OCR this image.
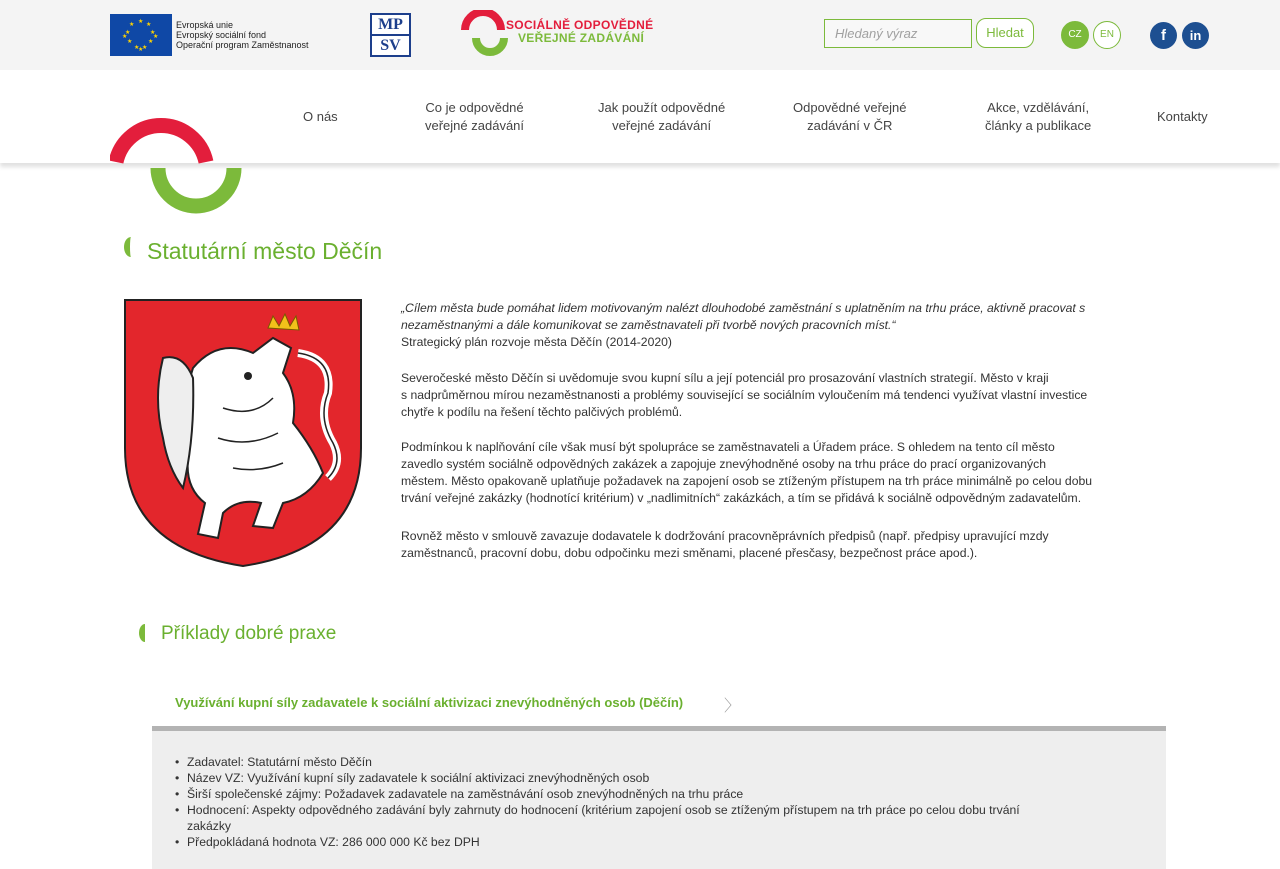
★ ★
★
★
★
★
★
★
★
★
★	★
Evropská unie
Evropský sociální fond
Operační program Zaměstnanost
MP
SV
SOCIÁLNĚ ODPOVĚDNÉ
VEŘEJNÉ ZADÁVÁNÍ
Hledaný výraz	Hledat	CZ	EN	f	in
O nás
Co je odpovědné
veřejné zadávání
Jak použít odpovědné
veřejné zadávání
Odpovědné veřejné
zadávání v ČR
Akce, vzdělávání,
články a publikace
Kontakty
Statutární město Děčín
„Cílem města bude pomáhat lidem motivovaným nalézt dlouhodobé zaměstnání s uplatněním na trhu práce, aktivně pracovat s
nezaměstnanými a dále komunikovat se zaměstnavateli při tvorbě nových pracovních míst.“
Strategický plán rozvoje města Děčín (2014-2020)
Severočeské město Děčín si uvědomuje svou kupní sílu a její potenciál pro prosazování vlastních strategií. Město v kraji
s nadprůměrnou mírou nezaměstnanosti a problémy související se sociálním vyloučením má tendenci využívat vlastní investice
chytře k podílu na řešení těchto palčivých problémů.
Podmínkou k naplňování cíle však musí být spolupráce se zaměstnavateli a Úřadem práce. S ohledem na tento cíl město
zavedlo systém sociálně odpovědných zakázek a zapojuje znevýhodněné osoby na trhu práce do prací organizovaných
městem. Město opakovaně uplatňuje požadavek na zapojení osob se ztíženým přístupem na trh práce minimálně po celou dobu
trvání veřejné zakázky (hodnotící kritérium) v „nadlimitních“ zakázkách, a tím se přidává k sociálně odpovědným zadavatelům.
Rovněž město v smlouvě zavazuje dodavatele k dodržování pracovněprávních předpisů (např. předpisy upravující mzdy
zaměstnanců, pracovní dobu, dobu odpočinku mezi směnami, placené přesčasy, bezpečnost práce apod.).
Příklady dobré praxe
Využívání kupní síly zadavatele k sociální aktivizaci znevýhodněných osob (Děčín)	〉
• Zadavatel: Statutární město Děčín
• Název VZ: Využívání kupní síly zadavatele k sociální aktivizaci znevýhodněných osob
• Širší společenské zájmy: Požadavek zadavatele na zaměstnávání osob znevýhodněných na trhu práce
• Hodnocení: Aspekty odpovědného zadávání byly zahrnuty do hodnocení (kritérium zapojení osob se ztíženým přístupem na trh práce po celou dobu trvání
zakázky
• Předpokládaná hodnota VZ: 286 000 000 Kč bez DPH
